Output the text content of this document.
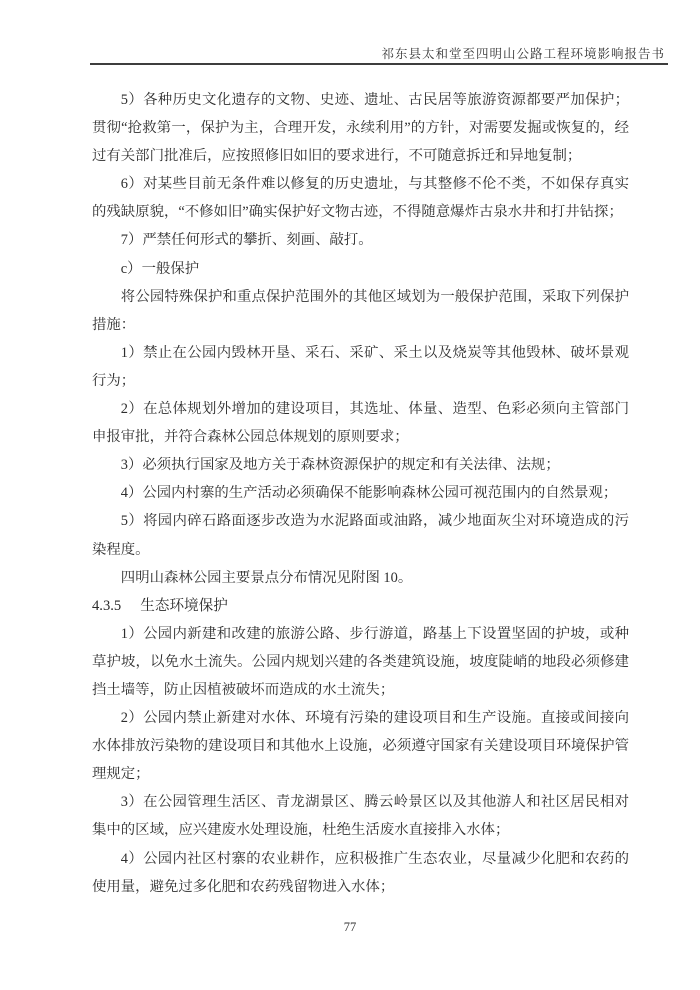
祁东县太和堂至四明山公路工程环境影响报告书

5）各种历史文化遗存的文物、史迹、遗址、古民居等旅游资源都要严加保护；贯彻“抢救第一，保护为主，合理开发，永续利用”的方针，对需要发掘或恢复的，经过有关部门批准后，应按照修旧如旧的要求进行，不可随意拆迁和异地复制；

6）对某些目前无条件难以修复的历史遗址，与其整修不伦不类，不如保存真实的残缺原貌，“不修如旧”确实保护好文物古迹，不得随意爆炸古泉水井和打井钻探；

7）严禁任何形式的攀折、刻画、敲打。

c）一般保护

将公园特殊保护和重点保护范围外的其他区域划为一般保护范围，采取下列保护措施：

1）禁止在公园内毁林开垦、采石、采矿、采土以及烧炭等其他毁林、破坏景观行为；

2）在总体规划外增加的建设项目，其选址、体量、造型、色彩必须向主管部门申报审批，并符合森林公园总体规划的原则要求；

3）必须执行国家及地方关于森林资源保护的规定和有关法律、法规；

4）公园内村寨的生产活动必须确保不能影响森林公园可视范围内的自然景观；

5）将园内碎石路面逐步改造为水泥路面或油路，减少地面灰尘对环境造成的污染程度。

四明山森林公园主要景点分布情况见附图 10。

4.3.5 生态环境保护

1）公园内新建和改建的旅游公路、步行游道，路基上下设置坚固的护坡，或种草护坡，以免水土流失。公园内规划兴建的各类建筑设施，坡度陡峭的地段必须修建挡土墙等，防止因植被破坏而造成的水土流失；

2）公园内禁止新建对水体、环境有污染的建设项目和生产设施。直接或间接向水体排放污染物的建设项目和其他水上设施，必须遵守国家有关建设项目环境保护管理规定；

3）在公园管理生活区、青龙湖景区、腾云岭景区以及其他游人和社区居民相对集中的区域，应兴建废水处理设施，杜绝生活废水直接排入水体；

4）公园内社区村寨的农业耕作，应积极推广生态农业，尽量减少化肥和农药的使用量，避免过多化肥和农药残留物进入水体；

77
